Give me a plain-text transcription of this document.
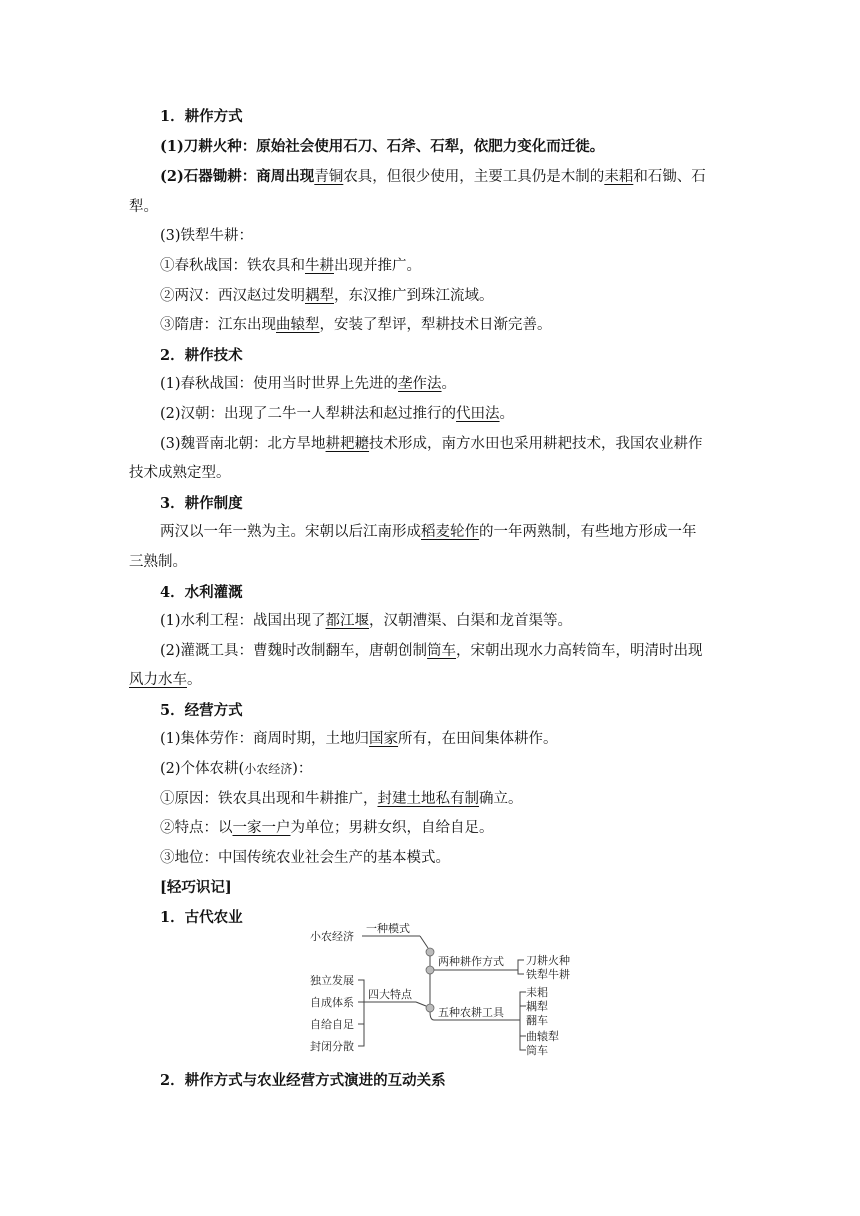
1．耕作方式
(1)刀耕火种：原始社会使用石刀、石斧、石犁，依肥力变化而迁徙。
(2)石器锄耕：商周出现青铜农具，但很少使用，主要工具仍是木制的耒耜和石锄、石
犁。
(3)铁犁牛耕：
①春秋战国：铁农具和牛耕出现并推广。
②两汉：西汉赵过发明耦犁，东汉推广到珠江流域。
③隋唐：江东出现曲辕犁，安装了犁评，犁耕技术日渐完善。
2．耕作技术
(1)春秋战国：使用当时世界上先进的垄作法。
(2)汉朝：出现了二牛一人犁耕法和赵过推行的代田法。
(3)魏晋南北朝：北方旱地耕耙耱技术形成，南方水田也采用耕耙技术，我国农业耕作
技术成熟定型。
3．耕作制度
两汉以一年一熟为主。宋朝以后江南形成稻麦轮作的一年两熟制，有些地方形成一年
三熟制。
4．水利灌溉
(1)水利工程：战国出现了都江堰，汉朝漕渠、白渠和龙首渠等。
(2)灌溉工具：曹魏时改制翻车，唐朝创制筒车，宋朝出现水力高转筒车，明清时出现
风力水车。
5．经营方式
(1)集体劳作：商周时期，土地归国家所有，在田间集体耕作。
(2)个体农耕(小农经济)：
①原因：铁农具出现和牛耕推广，封建土地私有制确立。
②特点：以一家一户为单位；男耕女织，自给自足。
③地位：中国传统农业社会生产的基本模式。
[轻巧识记]
1．古代农业
小农经济
一种模式
两种耕作方式 刀耕火种
铁犁牛耕
独立发展
自成体系
自给自足
封闭分散
四大特点
五种农耕工具
耒耜
耦犁
翻车
曲辕犁
筒车
2．耕作方式与农业经营方式演进的互动关系
